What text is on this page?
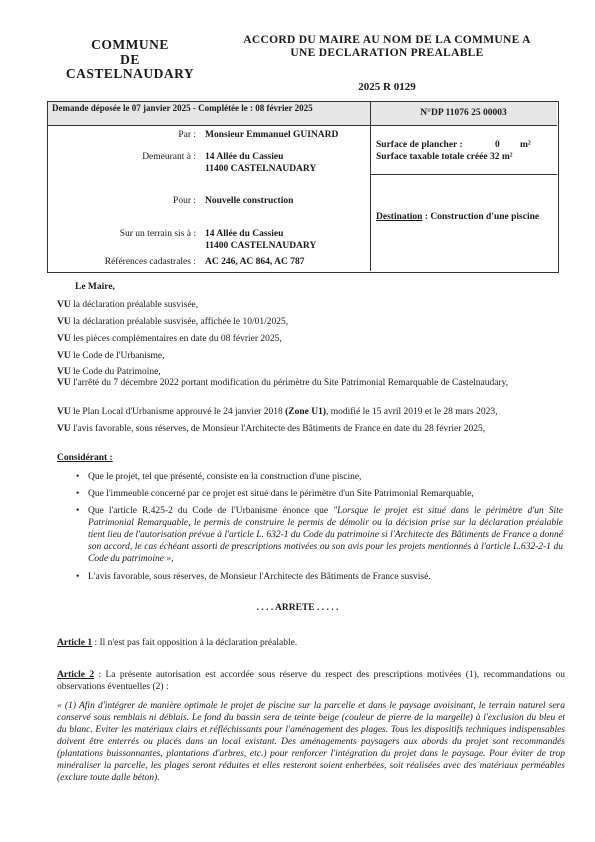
COMMUNE
DE
CASTELNAUDARY
ACCORD DU MAIRE AU NOM DE LA COMMUNE A
UNE DECLARATION PREALABLE
2025 R 0129
Demande déposée le 07 janvier 2025 - Complétée le : 08 février 2025	N°DP 11076 25 00003
Par : Monsieur Emmanuel GUINARD
Demeurant à : 14 Allée du Cassieu
11400 CASTELNAUDARY
Pour : Nouvelle construction
Sur un terrain sis à : 14 Allée du Cassieu
11400 CASTELNAUDARY
Références cadastrales : AC 246, AC 864, AC 787
Surface de plancher :	0 m²
Surface taxable totale créée 32 m²
Destination : Construction d'une piscine
Le Maire,
VU la déclaration préalable susvisée,
VU la déclaration préalable susvisée, affichée le 10/01/2025,
VU les pièces complémentaires en date du 08 février 2025,
VU le Code de l'Urbanisme,
VU le Code du Patrimoine,
VU l'arrêté du 7 décembre 2022 portant modification du périmètre du Site Patrimonial Remarquable de Castelnaudary,
VU le Plan Local d'Urbanisme approuvé le 24 janvier 2018 (Zone U1), modifié le 15 avril 2019 et le 28 mars 2023,
VU l'avis favorable, sous réserves, de Monsieur l'Architecte des Bâtiments de France en date du 28 février 2025,
Considérant :
• Que le projet, tel que présenté, consiste en la construction d'une piscine,
• Que l'immeuble concerné par ce projet est situé dans le périmètre d'un Site Patrimonial Remarquable,
• Que l'article R.425-2 du Code de l'Urbanisme énonce que "Lorsque le projet est situé dans le périmètre d'un Site Patrimonial Remarquable, le permis de construire le permis de démolir ou la décision prise sur la déclaration préalable tient lieu de l'autorisation prévue à l'article L. 632-1 du Code du patrimoine si l'Architecte des Bâtiments de France a donné son accord, le cas échéant assorti de prescriptions motivées ou son avis pour les projets mentionnés à l'article L.632-2-1 du Code du patrimoine »,
• L'avis favorable, sous réserves, de Monsieur l'Architecte des Bâtiments de France susvisé.
. . . . ARRETE . . . . .
Article 1 : Il n'est pas fait opposition à la déclaration préalable.
Article 2 : La présente autorisation est accordée sous réserve du respect des prescriptions motivées (1), recommandations ou observations éventuelles (2) :
« (1) Afin d'intégrer de manière optimale le projet de piscine sur la parcelle et dans le paysage avoisinant, le terrain naturel sera conservé sous remblais ni déblais. Le fond du bassin sera de teinte beige (couleur de pierre de la margelle) à l'exclusion du bleu et du blanc. Eviter les matériaux clairs et réfléchissants pour l'aménagement des plages. Tous les dispositifs techniques indispensables doivent être enterrés ou placés dans un local existant. Des aménagements paysagers aux abords du projet sont recommandés (plantations buissonnantes, plantations d'arbres, etc.) pour renforcer l'intégration du projet dans le paysage. Pour éviter de trop minéraliser la parcelle, les plages seront réduites et elles resteront soient enherbées, soit réalisées avec des matériaux perméables (exclure toute dalle béton).
